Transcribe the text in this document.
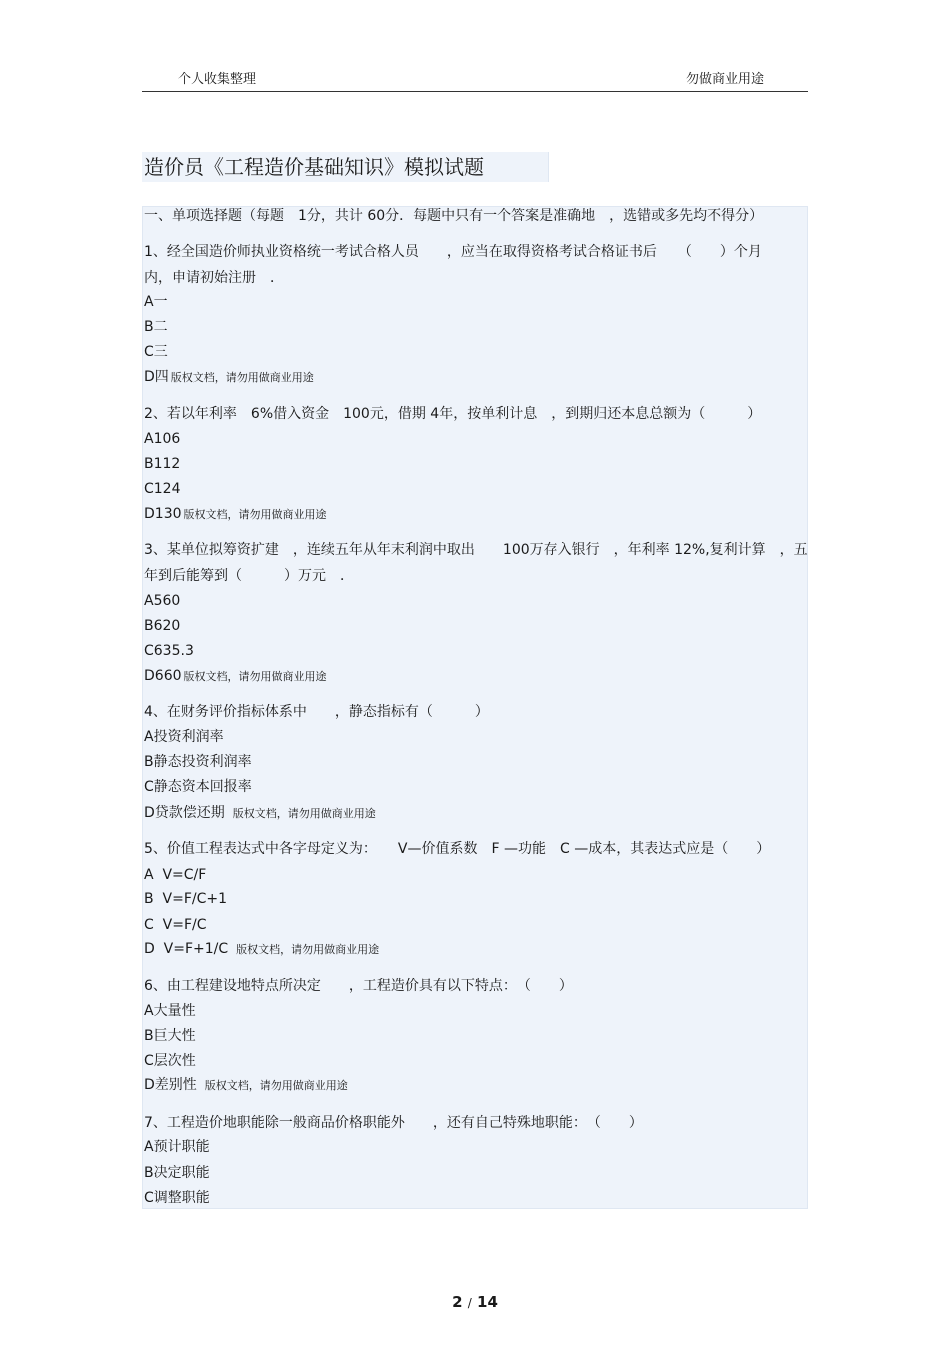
个人收集整理	勿做商业用途
造价员《工程造价基础知识》模拟试题
一、单项选择题（每题　1分，共计 60分．每题中只有一个答案是准确地　，选错或多先均不得分）
1、经全国造价师执业资格统一考试合格人员　　，应当在取得资格考试合格证书后　　（　　）个月
内，申请初始注册　．
A一
B二
C三
D四 版权文档，请勿用做商业用途
2、若以年利率　6%借入资金　100元，借期 4年，按单利计息　，到期归还本息总额为（　　　）
A106
B112
C124
D130 版权文档，请勿用做商业用途
3、某单位拟筹资扩建　，连续五年从年末利润中取出　　100万存入银行　，年利率 12%,复利计算　，五
年到后能筹到（　　　）万元　．
A560
B620
C635.3
D660 版权文档，请勿用做商业用途
4、在财务评价指标体系中　　，静态指标有（　　　）
A投资利润率
B静态投资利润率
C静态资本回报率
D贷款偿还期 版权文档，请勿用做商业用途
5、价值工程表达式中各字母定义为：　　V—价值系数　F —功能　C —成本，其表达式应是（　　）
A  V=C/F
B  V=F/C+1
C  V=F/C
D  V=F+1/C 版权文档，请勿用做商业用途
6、由工程建设地特点所决定　　，工程造价具有以下特点：　（　　）
A大量性
B巨大性
C层次性
D差别性 版权文档，请勿用做商业用途
7、工程造价地职能除一般商品价格职能外　　，还有自己特殊地职能：　（　　）
A预计职能
B决定职能
C调整职能
2 / 14
